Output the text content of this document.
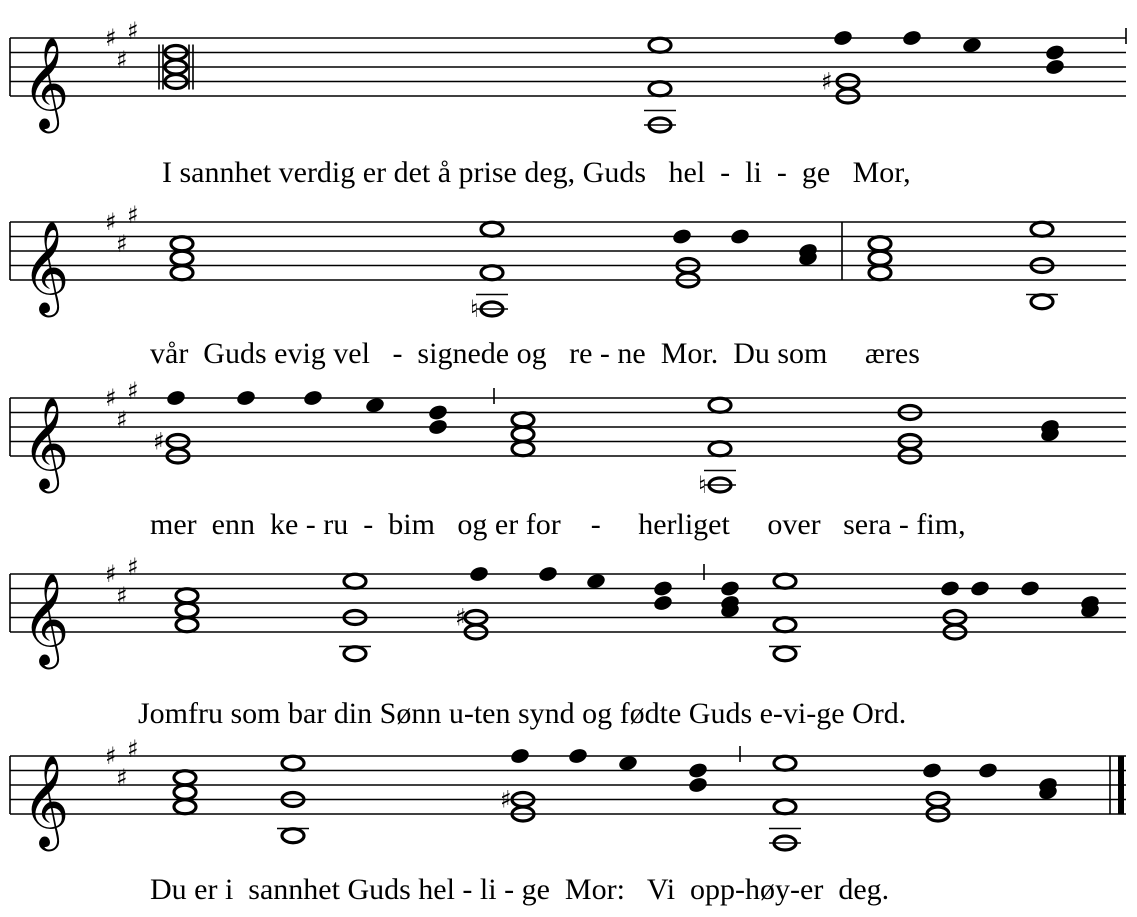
𝄞 ♯
♯
♯
♯
I sannhet verdig er det å prise deg, Guds   hel  -  li  -  ge   Mor,
𝄞 ♯
♯
♯
♮
vår  Guds evig vel   -  signede og   re - ne  Mor.  Du som     æres
𝄞 ♯
♯
♯
♯
♮
mer  enn  ke - ru  -  bim   og er for    -     herliget     over   sera - fim,
𝄞 ♯
♯
♯
♯
Jomfru som bar din Sønn u-ten synd og fødte Guds e-vi-ge Ord.
𝄞 ♯
♯
♯
♯
Du er i  sannhet Guds hel - li - ge  Mor:   Vi  opp-høy-er  deg.
